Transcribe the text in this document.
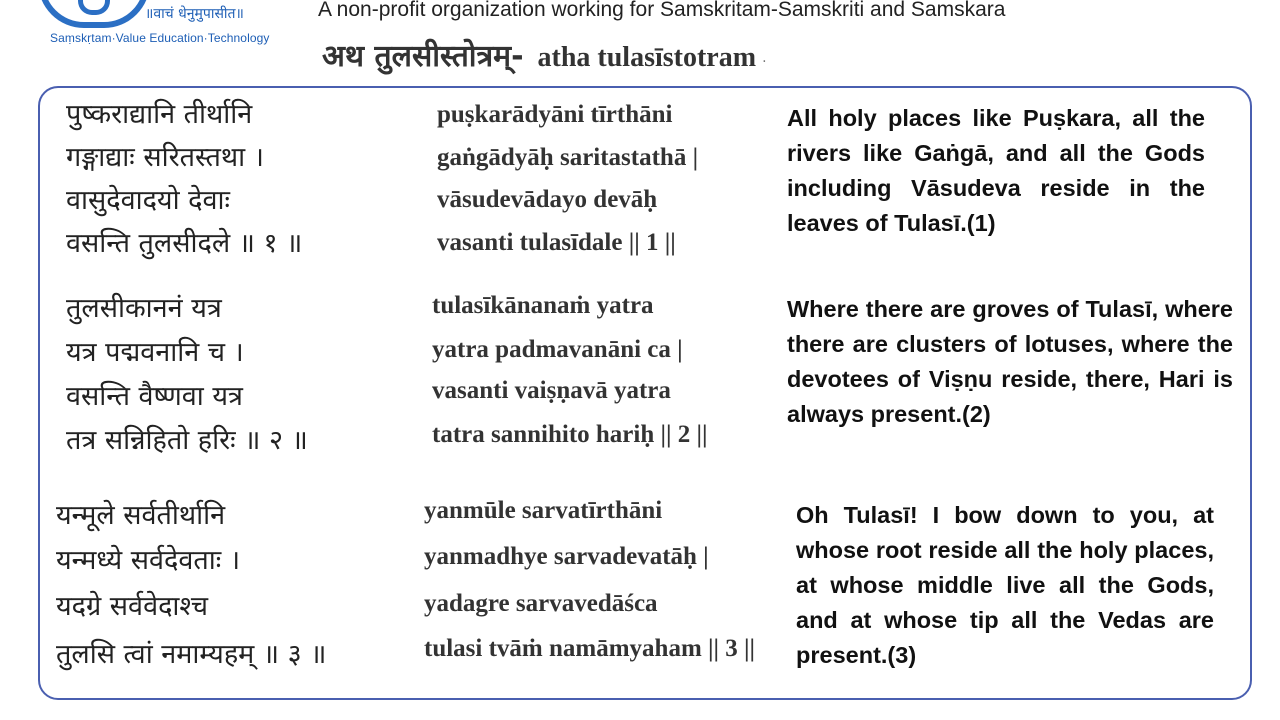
॥वाचं धेनुमुपासीत॥
Saṃskṛtam·Value Education·Technology
A non-profit organization working for Samskritam-Samskriti and Samskara
अथ तुलसीस्तोत्रम्- atha tulasīstotram ·
पुष्कराद्यानि तीर्थानि
गङ्गाद्याः सरितस्तथा ।
वासुदेवादयो देवाः
वसन्ति तुलसीदले ॥ १ ॥
puṣkarādyāni tīrthāni
gaṅgādyāḥ saritastathā |
vāsudevādayo devāḥ
vasanti tulasīdale || 1 ||
All holy places like Puṣkara, all the rivers like Gaṅgā, and all the Gods including Vāsudeva reside in the leaves of Tulasī.(1)
तुलसीकाननं यत्र
यत्र पद्मवनानि च ।
वसन्ति वैष्णवा यत्र
तत्र सन्निहितो हरिः ॥ २ ॥
tulasīkānanaṁ yatra
yatra padmavanāni ca |
vasanti vaiṣṇavā yatra
tatra sannihito hariḥ || 2 ||
Where there are groves of Tulasī, where there are clusters of lotuses, where the devotees of Viṣṇu reside, there, Hari is always present.(2)
यन्मूले सर्वतीर्थानि
यन्मध्ये सर्वदेवताः ।
यदग्रे सर्ववेदाश्च
तुलसि त्वां नमाम्यहम् ॥ ३ ॥
yanmūle sarvatīrthāni
yanmadhye sarvadevatāḥ |
yadagre sarvavedāśca
tulasi tvāṁ namāmyaham || 3 ||
Oh Tulasī! I bow down to you, at whose root reside all the holy places, at whose middle live all the Gods, and at whose tip all the Vedas are present.(3)
